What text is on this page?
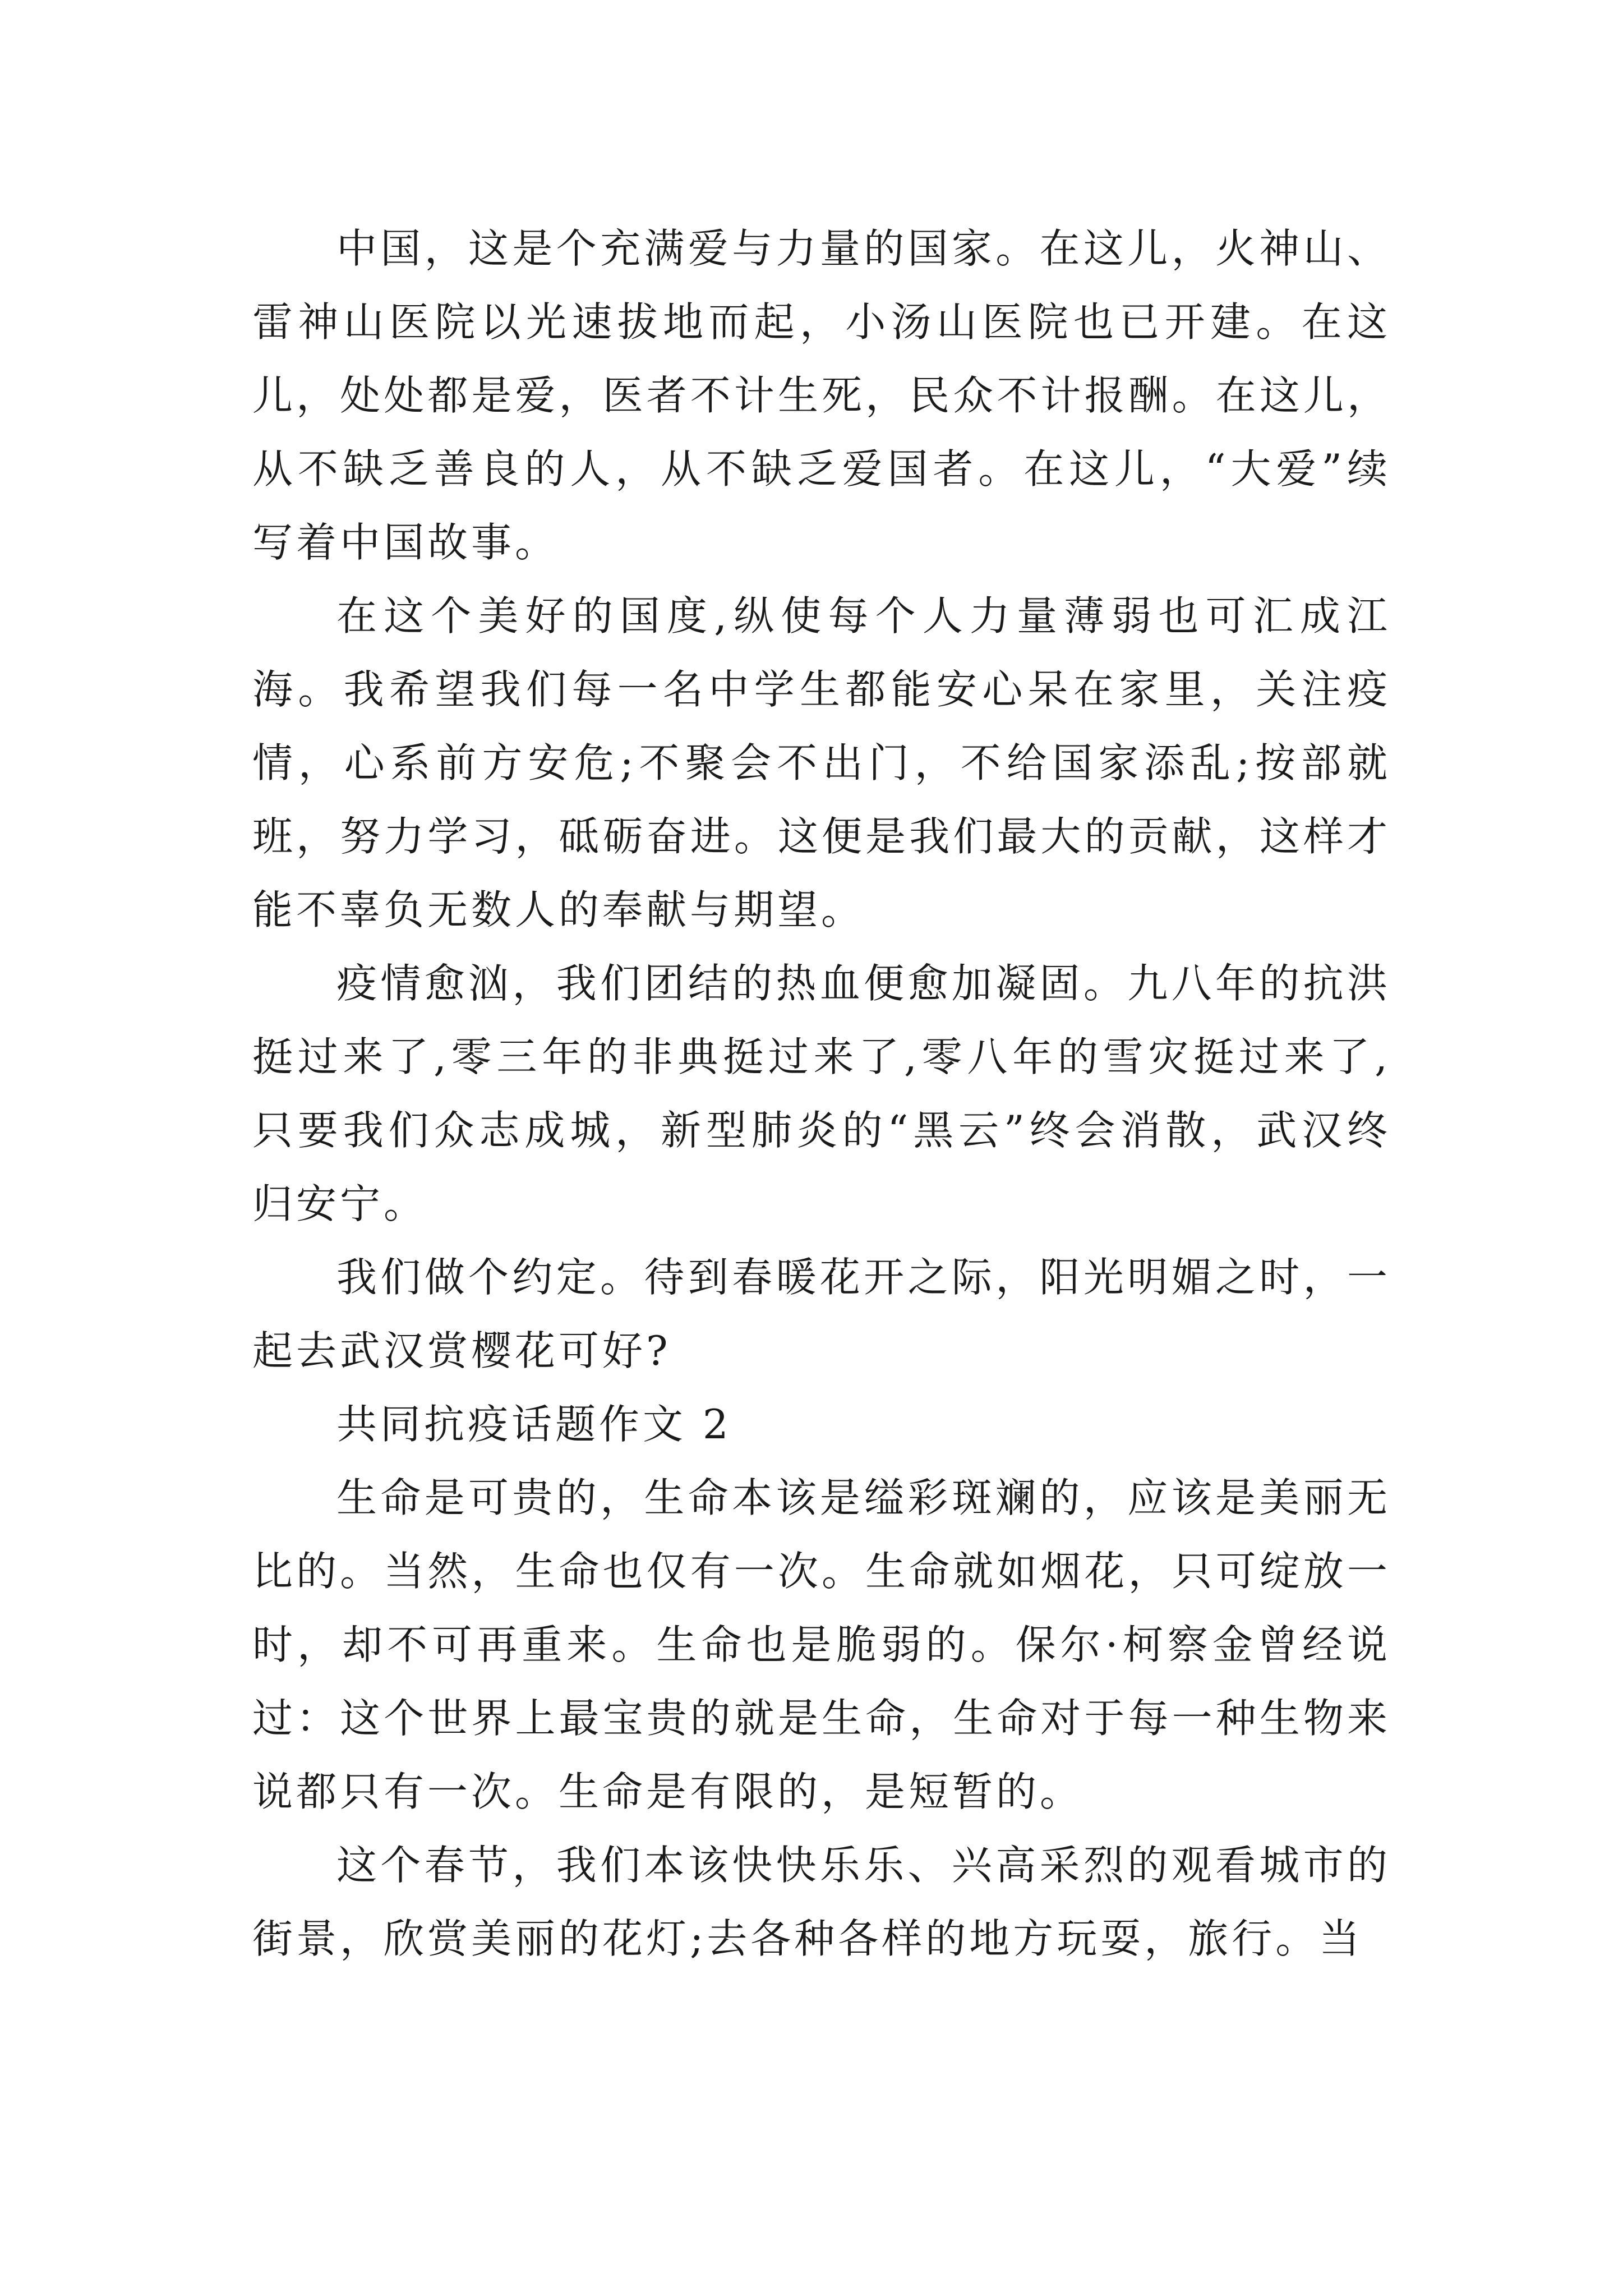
中国，这是个充满爱与力量的国家。在这儿，火神山、雷神山医院以光速拔地而起，小汤山医院也已开建。在这儿，处处都是爱，医者不计生死，民众不计报酬。在这儿，从不缺乏善良的人，从不缺乏爱国者。在这儿，“大爱”续写着中国故事。

在这个美好的国度,纵使每个人力量薄弱也可汇成江海。我希望我们每一名中学生都能安心呆在家里，关注疫情，心系前方安危;不聚会不出门，不给国家添乱;按部就班，努力学习，砥砺奋进。这便是我们最大的贡献，这样才能不辜负无数人的奉献与期望。

疫情愈汹，我们团结的热血便愈加凝固。九八年的抗洪挺过来了,零三年的非典挺过来了,零八年的雪灾挺过来了,只要我们众志成城，新型肺炎的“黑云”终会消散，武汉终归安宁。

我们做个约定。待到春暖花开之际，阳光明媚之时，一起去武汉赏樱花可好?

共同抗疫话题作文 2

生命是可贵的，生命本该是缢彩斑斓的，应该是美丽无比的。当然，生命也仅有一次。生命就如烟花，只可绽放一时，却不可再重来。生命也是脆弱的。保尔·柯察金曾经说过：这个世界上最宝贵的就是生命，生命对于每一种生物来说都只有一次。生命是有限的，是短暂的。

这个春节，我们本该快快乐乐、兴高采烈的观看城市的街景，欣赏美丽的花灯;去各种各样的地方玩耍，旅行。当
